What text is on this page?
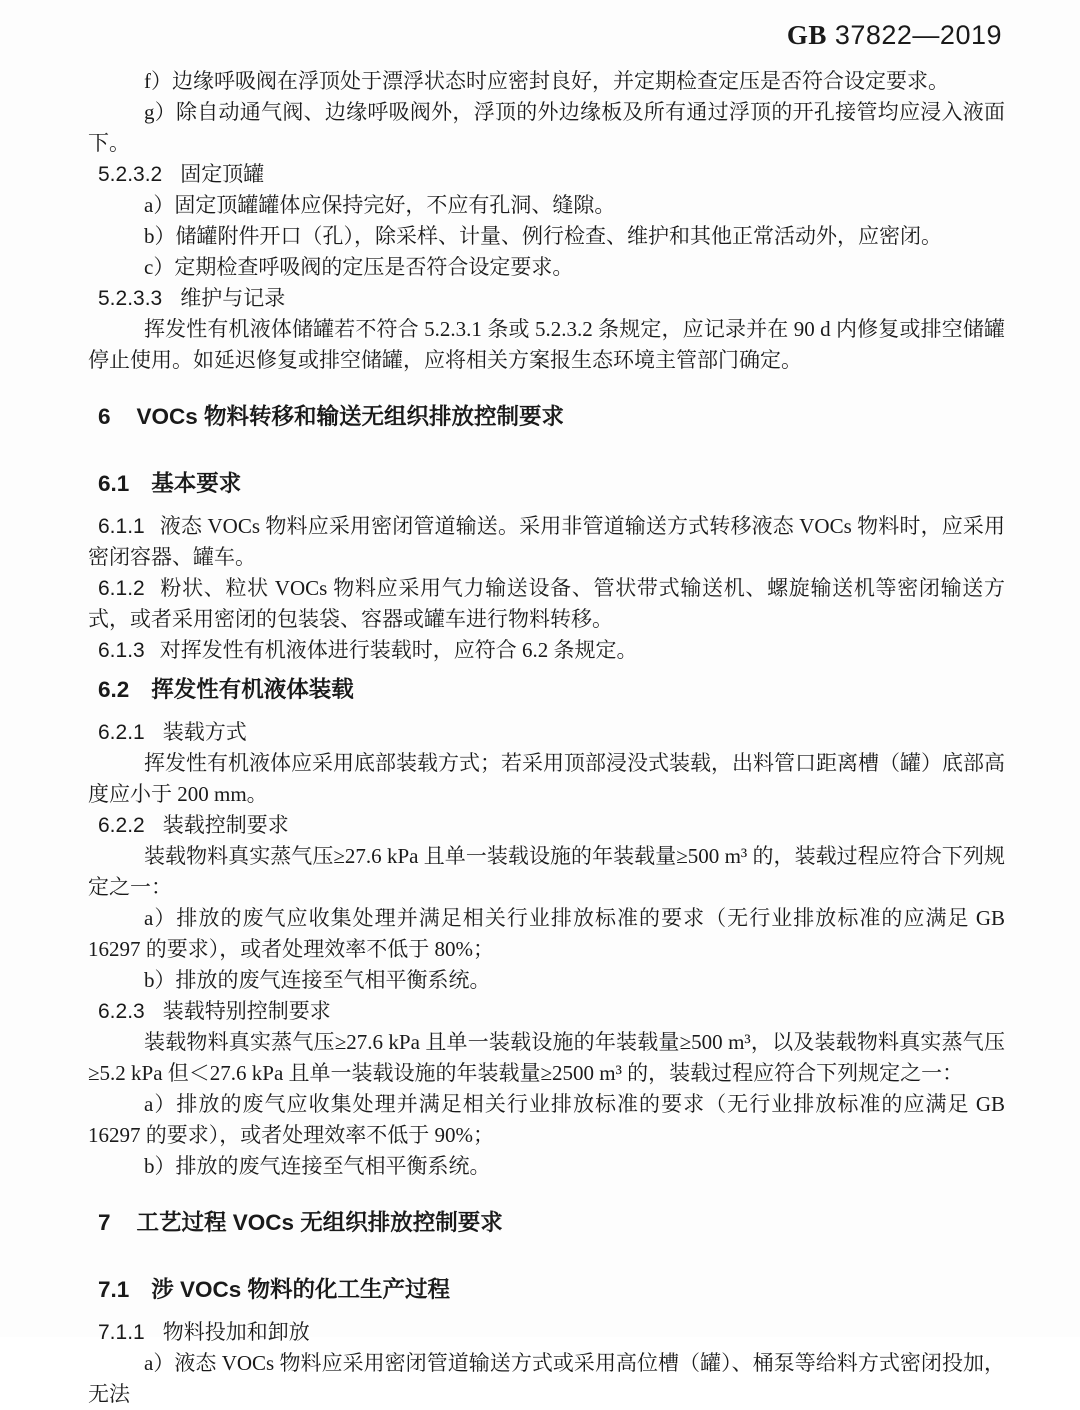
GB 37822—2019

f）边缘呼吸阀在浮顶处于漂浮状态时应密封良好，并定期检查定压是否符合设定要求。

g）除自动通气阀、边缘呼吸阀外，浮顶的外边缘板及所有通过浮顶的开孔接管均应浸入液面下。

5.2.3.2 固定顶罐

a）固定顶罐罐体应保持完好，不应有孔洞、缝隙。

b）储罐附件开口（孔），除采样、计量、例行检查、维护和其他正常活动外，应密闭。

c）定期检查呼吸阀的定压是否符合设定要求。

5.2.3.3 维护与记录

挥发性有机液体储罐若不符合 5.2.3.1 条或 5.2.3.2 条规定，应记录并在 90 d 内修复或排空储罐停止使用。如延迟修复或排空储罐，应将相关方案报生态环境主管部门确定。

6 VOCs 物料转移和输送无组织排放控制要求

6.1 基本要求

6.1.1 液态 VOCs 物料应采用密闭管道输送。采用非管道输送方式转移液态 VOCs 物料时，应采用密闭容器、罐车。

6.1.2 粉状、粒状 VOCs 物料应采用气力输送设备、管状带式输送机、螺旋输送机等密闭输送方式，或者采用密闭的包装袋、容器或罐车进行物料转移。

6.1.3 对挥发性有机液体进行装载时，应符合 6.2 条规定。

6.2 挥发性有机液体装载

6.2.1 装载方式

挥发性有机液体应采用底部装载方式；若采用顶部浸没式装载，出料管口距离槽（罐）底部高度应小于 200 mm。

6.2.2 装载控制要求

装载物料真实蒸气压≥27.6 kPa 且单一装载设施的年装载量≥500 m³ 的，装载过程应符合下列规定之一：

a）排放的废气应收集处理并满足相关行业排放标准的要求（无行业排放标准的应满足 GB 16297 的要求），或者处理效率不低于 80%；

b）排放的废气连接至气相平衡系统。

6.2.3 装载特别控制要求

装载物料真实蒸气压≥27.6 kPa 且单一装载设施的年装载量≥500 m³，以及装载物料真实蒸气压≥5.2 kPa 但＜27.6 kPa 且单一装载设施的年装载量≥2500 m³ 的，装载过程应符合下列规定之一：

a）排放的废气应收集处理并满足相关行业排放标准的要求（无行业排放标准的应满足 GB 16297 的要求），或者处理效率不低于 90%；

b）排放的废气连接至气相平衡系统。

7 工艺过程 VOCs 无组织排放控制要求

7.1 涉 VOCs 物料的化工生产过程

7.1.1 物料投加和卸放

a）液态 VOCs 物料应采用密闭管道输送方式或采用高位槽（罐）、桶泵等给料方式密闭投加，无法
